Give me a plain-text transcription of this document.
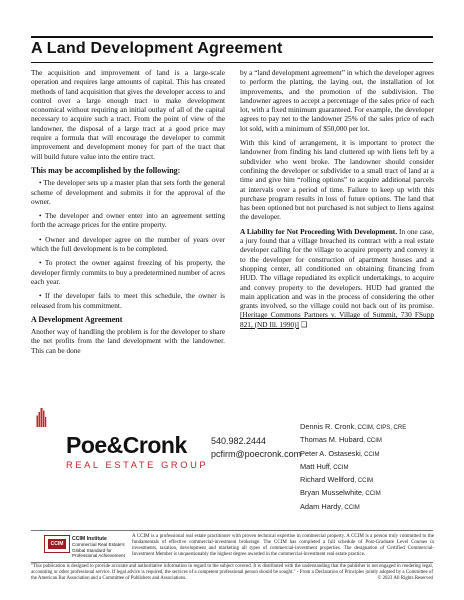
A Land Development Agreement

The acquisition and improvement of land is a large-scale operation and requires large amounts of capital. This has created methods of land acquisition that gives the developer access to and control over a large enough tract to make development economical without requiring an initial outlay of all of the capital necessary to acquire such a tract. From the point of view of the landowner, the disposal of a large tract at a good price may require a formula that will encourage the developer to commit improvement and development money for part of the tract that will build future value into the entire tract.

This may be accomplished by the following:

• The developer sets up a master plan that sets forth the general scheme of development and submits it for the approval of the owner.

• The developer and owner enter into an agreement setting forth the acreage prices for the entire property.

• Owner and developer agree on the number of years over which the full development is to be completed.

• To protect the owner against freezing of his property, the developer firmly commits to buy a predetermined number of acres each year.

• If the developer fails to meet this schedule, the owner is released from his commitment.

A Development Agreement

Another way of handling the problem is for the developer to share the net profits from the land development with the landowner. This can be done

by a “land development agreement” in which the developer agrees to perform the platting, the laying out, the installation of lot improvements, and the promotion of the subdivision. The landowner agrees to accept a percentage of the sales price of each lot, with a fixed minimum guaranteed. For example, the developer agrees to pay net to the landowner 25% of the sales price of each lot sold, with a minimum of $50,000 per lot.

With this kind of arrangement, it is important to protect the landowner from finding his land cluttered up with liens left by a subdivider who went broke. The landowner should consider confining the developer or subdivider to a small tract of land at a time and give him “rolling options” to acquire additional parcels at intervals over a period of time. Failure to keep up with this purchase program results in loss of future options. The land that has been optioned but not purchased is not subject to liens against the developer.

A Liability for Not Proceeding With Development. In one case, a jury found that a village breached its contract with a real estate developer calling for the village to acquire property and convey it to the developer for construction of apartment houses and a shopping center, all conditioned on obtaining financing from HUD. The village repudiated its explicit undertakings, to acquire and convey property to the developers. HUD had granted the main application and was in the process of considering the other grants involved, so the village could not back out of its promise. [Heritage Commons Partners v. Village of Summit, 730 FSupp 821, (ND Ill. 1990)] ❑

Poe&Cronk
REAL ESTATE GROUP
540.982.2444
pcfirm@poecronk.com
Dennis R. Cronk, CCIM, CIPS, CRE
Thomas M. Hubard, CCIM
Peter A. Ostaseski, CCIM
Matt Huff, CCIM
Richard Wellford, CCIM
Bryan Musselwhite, CCIM
Adam Hardy, CCIM
CCIM
CCIM Institute
Commercial Real Estate's Global Standard for Professional Achievement
A CCIM is a professional real estate practitioner with proven technical expertise in commercial property. A CCIM is a person truly committed to the fundamentals of effective commercial-investment brokerage. The CCIM has completed a full schedule of Post-Graduate Level Courses in investments, taxation, development and marketing all types of commercial-investment properties. The designation of Certified Commercial-Investment Member is unquestionably the highest degree awarded in the commercial-investment real estate practice.
"This publication is designed to provide accurate and authoritative information in regard to the subject covered. It is distributed with the understanding that the publisher is not engaged in rendering legal, accounting or other professional service. If legal advice is required, the services of a competent professional person should be sought." - From a Declaration of Principles jointly adopted by a Committee of the American Bar Association and a Committee of Publishers and Associations.	© 2023 All Rights Reserved
